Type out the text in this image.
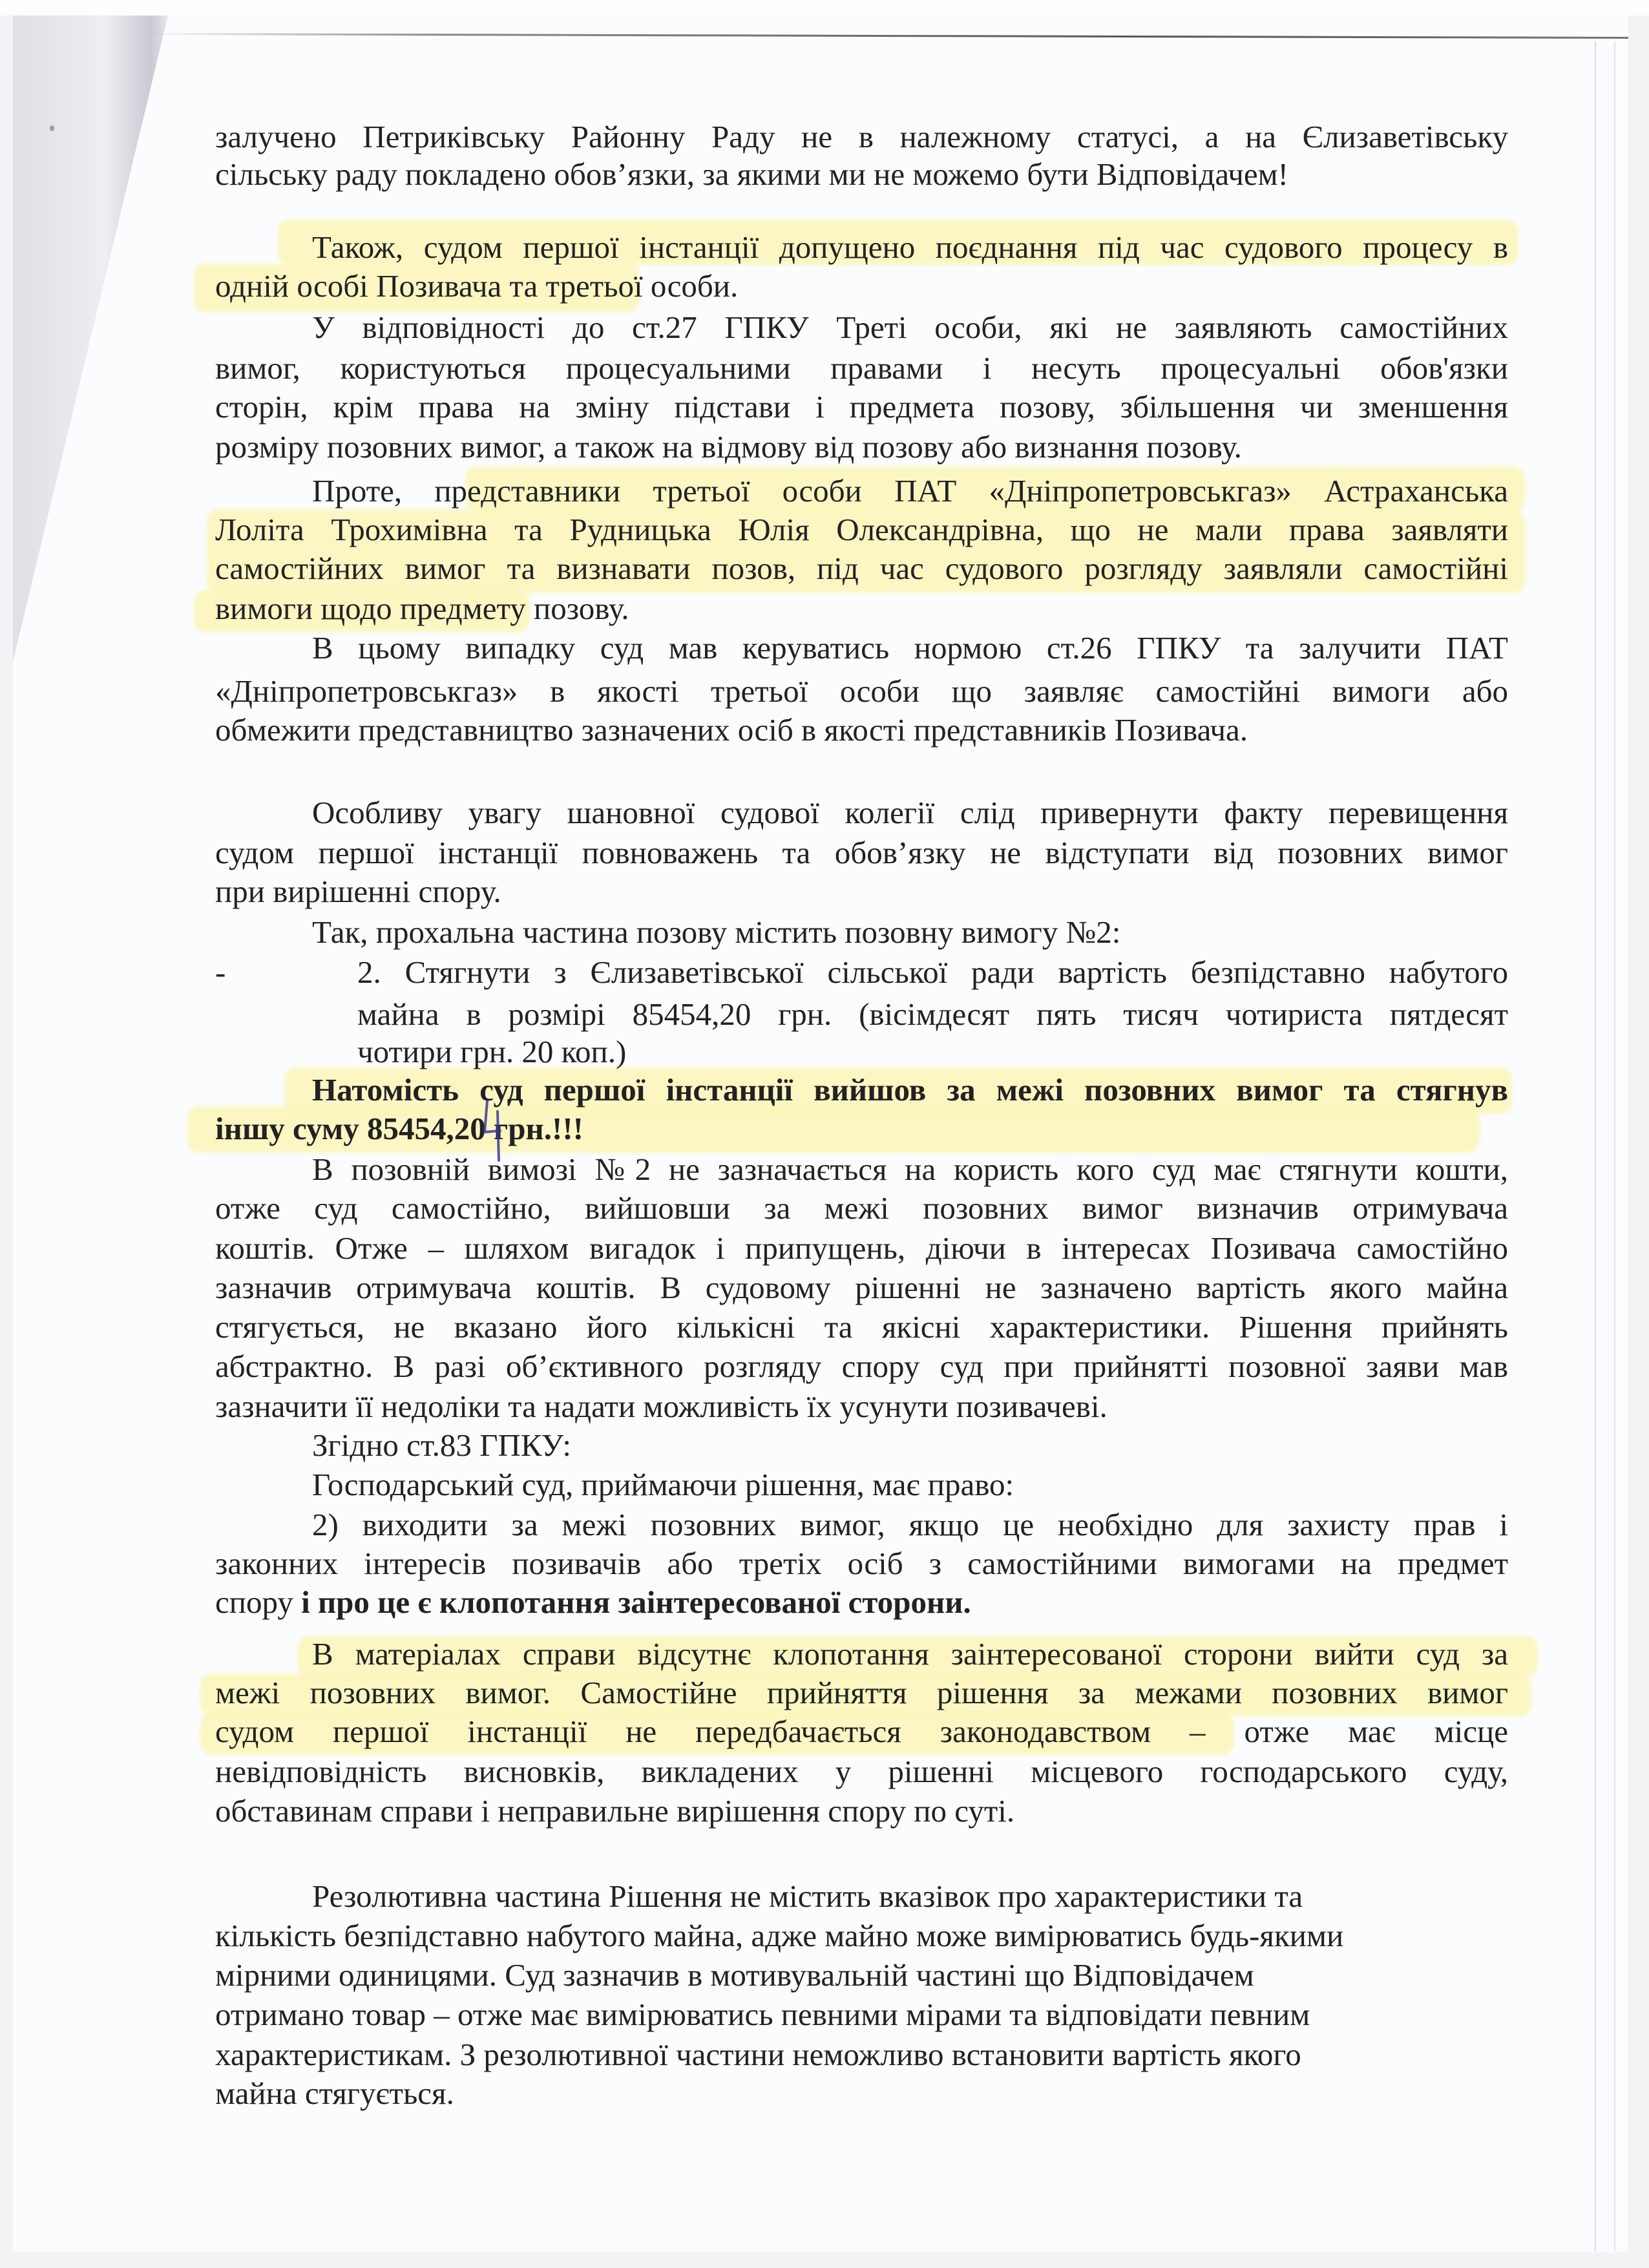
залучено Петриківську Районну Раду не в належному статусі, а на Єлизаветівську
сільську раду покладено обов’язки, за якими ми не можемо бути Відповідачем!
Також, судом першої інстанції допущено поєднання під час судового процесу в
одній особі Позивача та третьої особи.
У відповідності до ст.27 ГПКУ Треті особи, які не заявляють самостійних
вимог, користуються процесуальними правами і несуть процесуальні обов'язки
сторін, крім права на зміну підстави і предмета позову, збільшення чи зменшення
розміру позовних вимог, а також на відмову від позову або визнання позову.
Проте, представники третьої особи ПАТ «Дніпропетровськгаз» Астраханська
Лоліта Трохимівна та Рудницька Юлія Олександрівна, що не мали права заявляти
самостійних вимог та визнавати позов, під час судового розгляду заявляли самостійні
вимоги щодо предмету позову.
В цьому випадку суд мав керуватись нормою ст.26 ГПКУ та залучити ПАТ
«Дніпропетровськгаз» в якості третьої особи що заявляє самостійні вимоги або
обмежити представництво зазначених осіб в якості представників Позивача.
Особливу увагу шановної судової колегії слід привернути факту перевищення
судом першої інстанції повноважень та обов’язку не відступати від позовних вимог
при вирішенні спору.
Так, прохальна частина позову містить позовну вимогу №2:
-	2. Стягнути з Єлизаветівської сільської ради вартість безпідставно набутого
майна в розмірі 85454,20 грн. (вісімдесят пять тисяч чотириста пятдесят
чотири грн. 20 коп.)
Натомість суд першої інстанції вийшов за межі позовних вимог та стягнув
іншу суму 85454,20 грн.!!!
В позовній вимозі №2 не зазначається на користь кого суд має стягнути кошти,
отже суд самостійно, вийшовши за межі позовних вимог визначив отримувача
коштів. Отже – шляхом вигадок і припущень, діючи в інтересах Позивача самостійно
зазначив отримувача коштів. В судовому рішенні не зазначено вартість якого майна
стягується, не вказано його кількісні та якісні характеристики. Рішення прийнять
абстрактно. В разі об’єктивного розгляду спору суд при прийнятті позовної заяви мав
зазначити її недоліки та надати можливість їх усунути позивачеві.
Згідно ст.83 ГПКУ:
Господарський суд, приймаючи рішення, має право:
2) виходити за межі позовних вимог, якщо це необхідно для захисту прав і
законних інтересів позивачів або третіх осіб з самостійними вимогами на предмет
спору і про це є клопотання заінтересованої сторони.
В матеріалах справи відсутнє клопотання заінтересованої сторони вийти суд за
межі позовних вимог. Самостійне прийняття рішення за межами позовних вимог
судом першої інстанції не передбачається законодавством – отже має місце
невідповідність висновків, викладених у рішенні місцевого господарського суду,
обставинам справи і неправильне вирішення спору по суті.
Резолютивна частина Рішення не містить вказівок про характеристики та
кількість безпідставно набутого майна, адже майно може вимірюватись будь-якими
мірними одиницями. Суд зазначив в мотивувальній частині що Відповідачем
отримано товар – отже має вимірюватись певними мірами та відповідати певним
характеристикам. З резолютивної частини неможливо встановити вартість якого
майна стягується.
